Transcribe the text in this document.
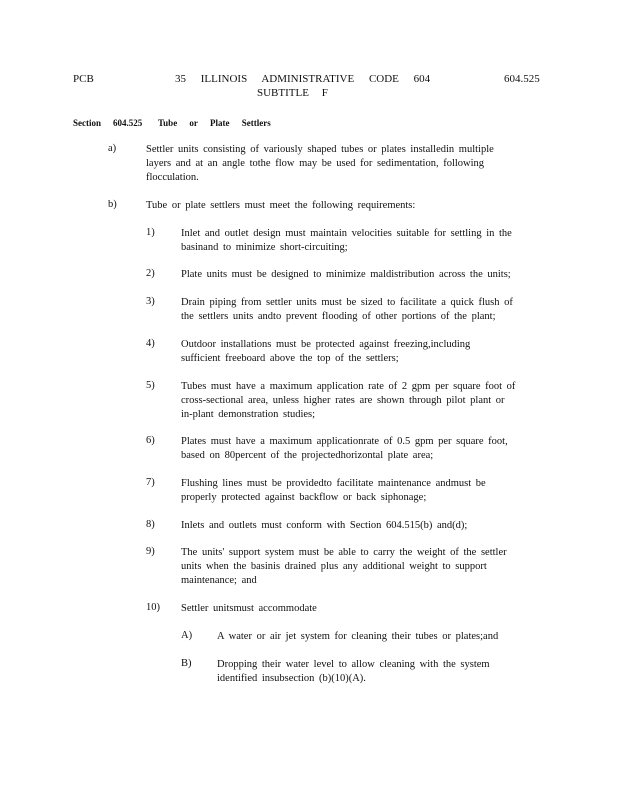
PCB	35 ILLINOIS ADMINISTRATIVE CODE 604
SUBTITLE F
604.525
Section 604.525 Tube or Plate Settlers
a)	Settler units consisting of variously shaped tubes or plates installedin multiple
layers and at an angle tothe flow may be used for sedimentation, following
flocculation.
b)	Tube or plate settlers must meet the following requirements:
1)	Inlet and outlet design must maintain velocities suitable for settling in the
basinand to minimize short-circuiting;
2)	Plate units must be designed to minimize maldistribution across the units;
3)	Drain piping from settler units must be sized to facilitate a quick flush of
the settlers units andto prevent flooding of other portions of the plant;
4)	Outdoor installations must be protected against freezing,including
sufficient freeboard above the top of the settlers;
5)	Tubes must have a maximum application rate of 2 gpm per square foot of
cross-sectional area, unless higher rates are shown through pilot plant or
in-plant demonstration studies;
6)	Plates must have a maximum applicationrate of 0.5 gpm per square foot,
based on 80percent of the projectedhorizontal plate area;
7)	Flushing lines must be providedto facilitate maintenance andmust be
properly protected against backflow or back siphonage;
8)	Inlets and outlets must conform with Section 604.515(b) and(d);
9)	The units' support system must be able to carry the weight of the settler
units when the basinis drained plus any additional weight to support
maintenance; and
10) Settler unitsmust accommodate
A) A water or air jet system for cleaning their tubes or plates;and
B) Dropping their water level to allow cleaning with the system
identified insubsection (b)(10)(A).
